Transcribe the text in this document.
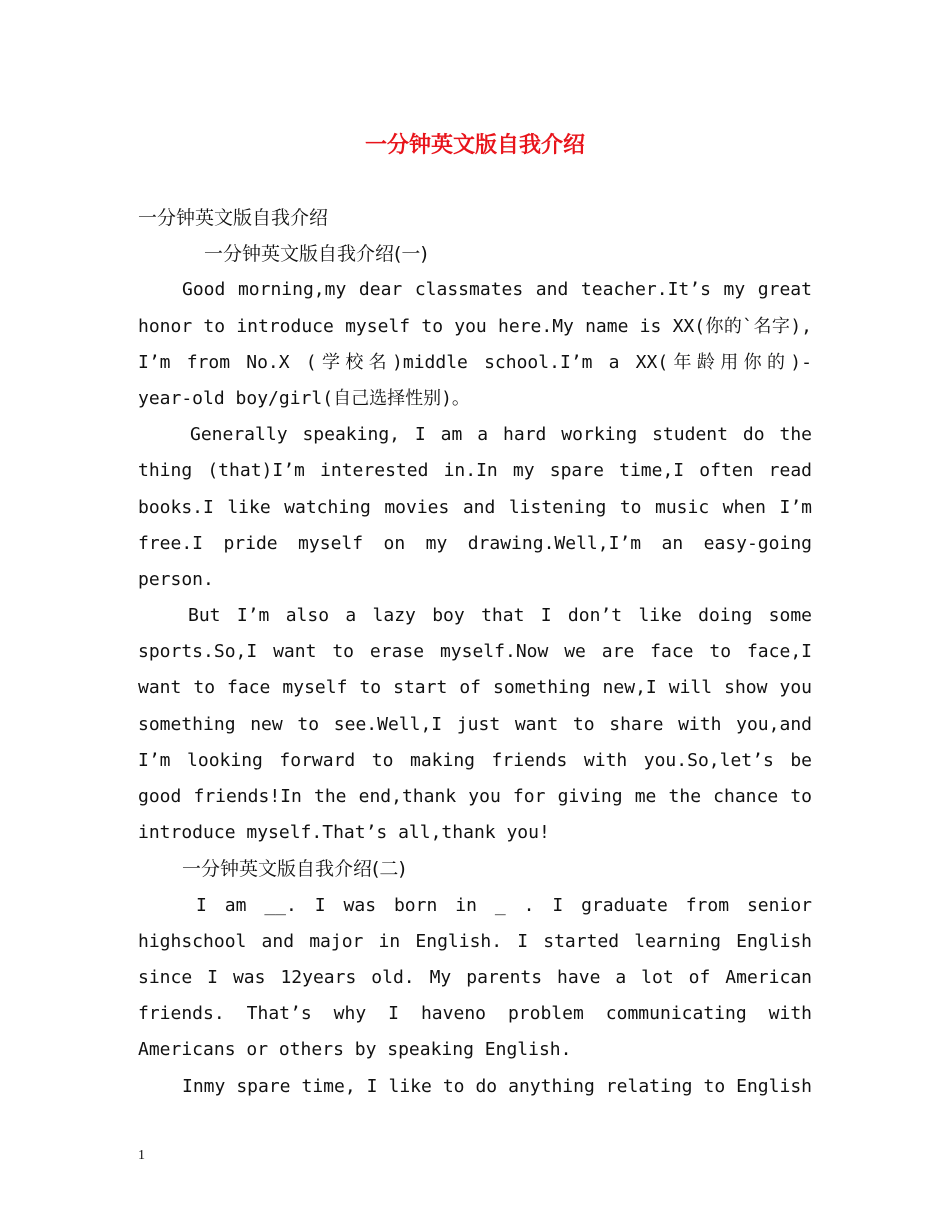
一分钟英文版自我介绍
一分钟英文版自我介绍
一分钟英文版自我介绍(一)
Good morning,my dear classmates and teacher.It’s my great
honor to introduce myself to you here.My name is XX(你的`名字),
I’m from No.X (学校名)middle school.I’m a XX(年龄用你的)-
year-old boy/girl(自己选择性别)。
Generally speaking, I am a hard working student do the
thing (that)I’m interested in.In my spare time,I often read
books.I like watching movies and listening to music when I’m
free.I pride myself on my drawing.Well,I’m an easy-going
person.
But I’m also a lazy boy that I don’t like doing some
sports.So,I want to erase myself.Now we are face to face,I
want to face myself to start of something new,I will show you
something new to see.Well,I just want to share with you,and
I’m looking forward to making friends with you.So,let’s be
good friends!In the end,thank you for giving me the chance to
introduce myself.That’s all,thank you!
一分钟英文版自我介绍(二)
I am __. I was born in _ . I graduate from senior
highschool and major in English. I started learning English
since I was 12years old. My parents have a lot of American
friends. That’s why I haveno problem communicating with
Americans or others by speaking English.
Inmy spare time, I like to do anything relating to English
1
